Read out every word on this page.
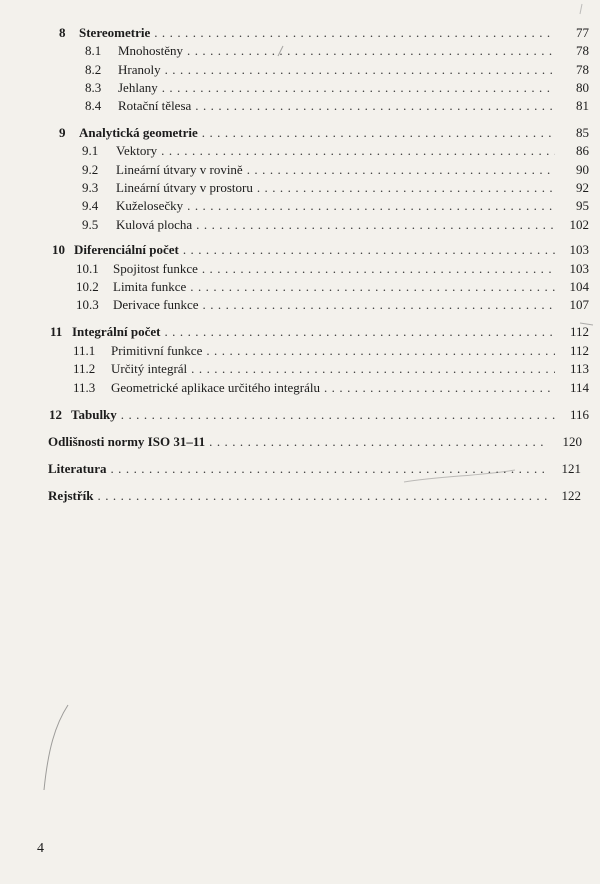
8	Stereometrie . . .	77
8.1	Mnohostěny . . .	78
8.2	Hranoly . . .	78
8.3	Jehlany . . .	80
8.4	Rotační tělesa . . .	81
9	Analytická geometrie . . .	85
9.1	Vektory . . .	86
9.2	Lineární útvary v rovině . . .	90
9.3	Lineární útvary v prostoru . . .	92
9.4	Kuželosečky . . .	95
9.5	Kulová plocha . . .	102
10 Diferenciální počet . . .	103
10.1	Spojitost funkce . . .	103
10.2	Limita funkce . . .	104
10.3	Derivace funkce . . .	107
11 Integrální počet . . .	112
11.1	Primitivní funkce . . .	112
11.2	Určitý integrál . . .	113
11.3	Geometrické aplikace určitého integrálu . . .	114
12 Tabulky . . .	116
Odlišnosti normy ISO 31–11 . . .	120
Literatura . . .	121
Rejstřík . . .	122
4
